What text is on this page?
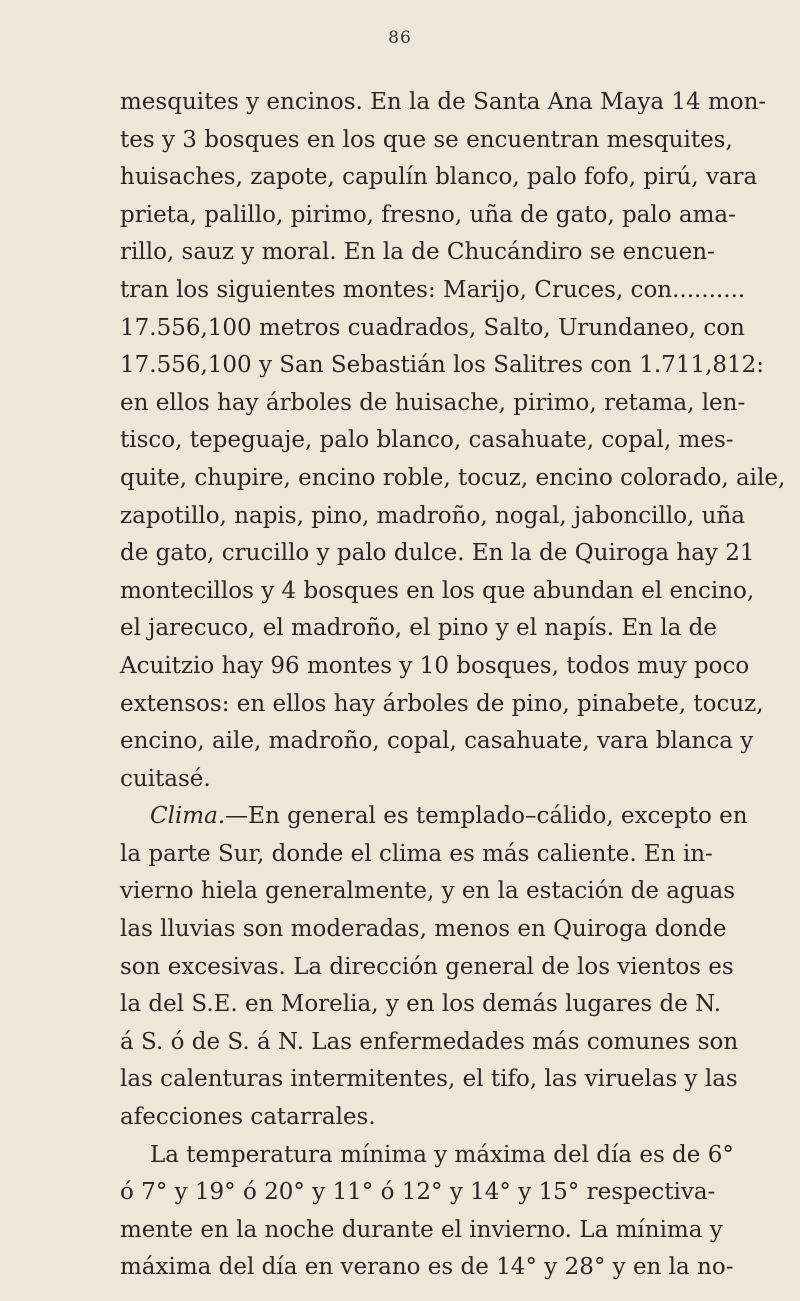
86
mesquites y encinos. En la de Santa Ana Maya 14 mon-
tes y 3 bosques en los que se encuentran mesquites,
huisaches, zapote, capulín blanco, palo fofo, pirú, vara
prieta, palillo, pirimo, fresno, uña de gato, palo ama-
rillo, sauz y moral. En la de Chucándiro se encuen-
tran los siguientes montes: Marijo, Cruces, con..........
17.556,100 metros cuadrados, Salto, Urundaneo, con
17.556,100 y San Sebastián los Salitres con 1.711,812:
en ellos hay árboles de huisache, pirimo, retama, len-
tisco, tepeguaje, palo blanco, casahuate, copal, mes-
quite, chupire, encino roble, tocuz, encino colorado, aile,
zapotillo, napis, pino, madroño, nogal, jaboncillo, uña
de gato, crucillo y palo dulce. En la de Quiroga hay 21
montecillos y 4 bosques en los que abundan el encino,
el jarecuco, el madroño, el pino y el napís. En la de
Acuitzio hay 96 montes y 10 bosques, todos muy poco
extensos: en ellos hay árboles de pino, pinabete, tocuz,
encino, aile, madroño, copal, casahuate, vara blanca y
cuitasé.
Clima.—En general es templado–cálido, excepto en
la parte Sur, donde el clima es más caliente. En in-
vierno hiela generalmente, y en la estación de aguas
las lluvias son moderadas, menos en Quiroga donde
son excesivas. La dirección general de los vientos es
la del S.E. en Morelia, y en los demás lugares de N.
á S. ó de S. á N. Las enfermedades más comunes son
las calenturas intermitentes, el tifo, las viruelas y las
afecciones catarrales.
La temperatura mínima y máxima del día es de 6°
ó 7° y 19° ó 20° y 11° ó 12° y 14° y 15° respectiva-
mente en la noche durante el invierno. La mínima y
máxima del día en verano es de 14° y 28° y en la no-
